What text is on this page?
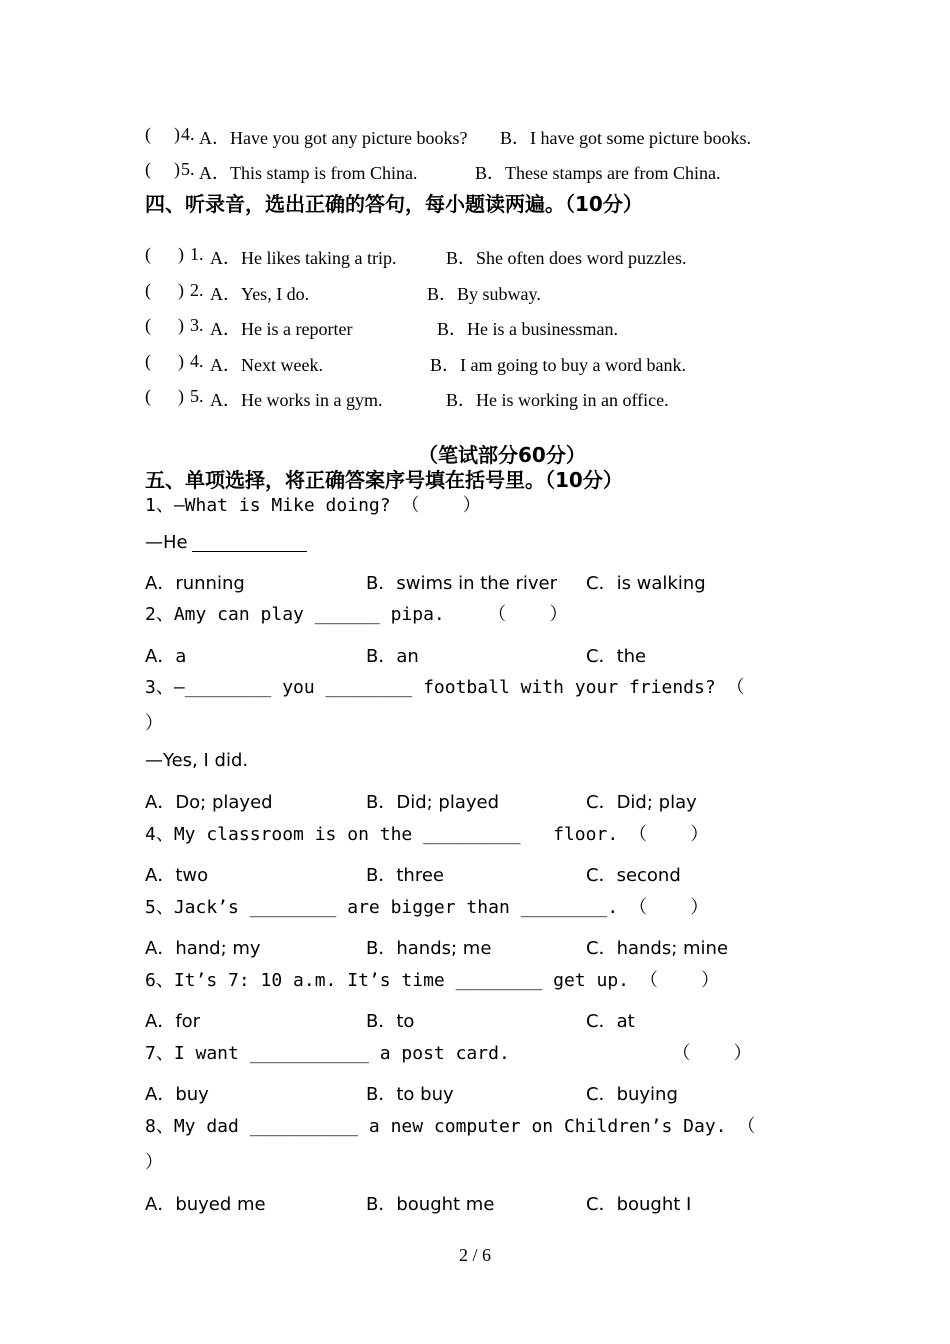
( ) 4. A．Have you got any picture books? B．I have got some picture books.
( ) 5. A．This stamp is from China.	B．These stamps are from China.
四、听录音，选出正确的答句，每小题读两遍。（10分）
( ) 1. A．He likes taking a trip.	B．She often does word puzzles.
( ) 2. A．Yes, I do.	B．By subway.
( ) 3. A．He is a reporter	B．He is a businessman.
( ) 4. A．Next week.	B．I am going to buy a word bank.
( ) 5. A．He works in a gym.	B．He is working in an office.
（笔试部分60分）
五、单项选择，将正确答案序号填在括号里。（10分）
1、—What is Mike doing? （    ）
—He
A．running	B．swims in the river C．is walking
2、Amy can play ______ pipa.    （    ）
A．a	B．an	C．the
3、—________ you ________ football with your friends? （
）
—Yes, I did.
A．Do; played	B．Did; played	C．Did; play
4、My classroom is on the _________   floor. （    ）
A．two	B．three	C．second
5、Jack’s ________ are bigger than ________. （    ）
A．hand; my	B．hands; me	C．hands; mine
6、It’s 7: 10 a.m. It’s time ________ get up. （    ）
A．for	B．to	C．at
7、I want ___________ a post card.               （    ）
A．buy	B．to buy	C．buying
8、My dad __________ a new computer on Children’s Day. （
）
A．buyed me	B．bought me	C．bought I
2 / 6
